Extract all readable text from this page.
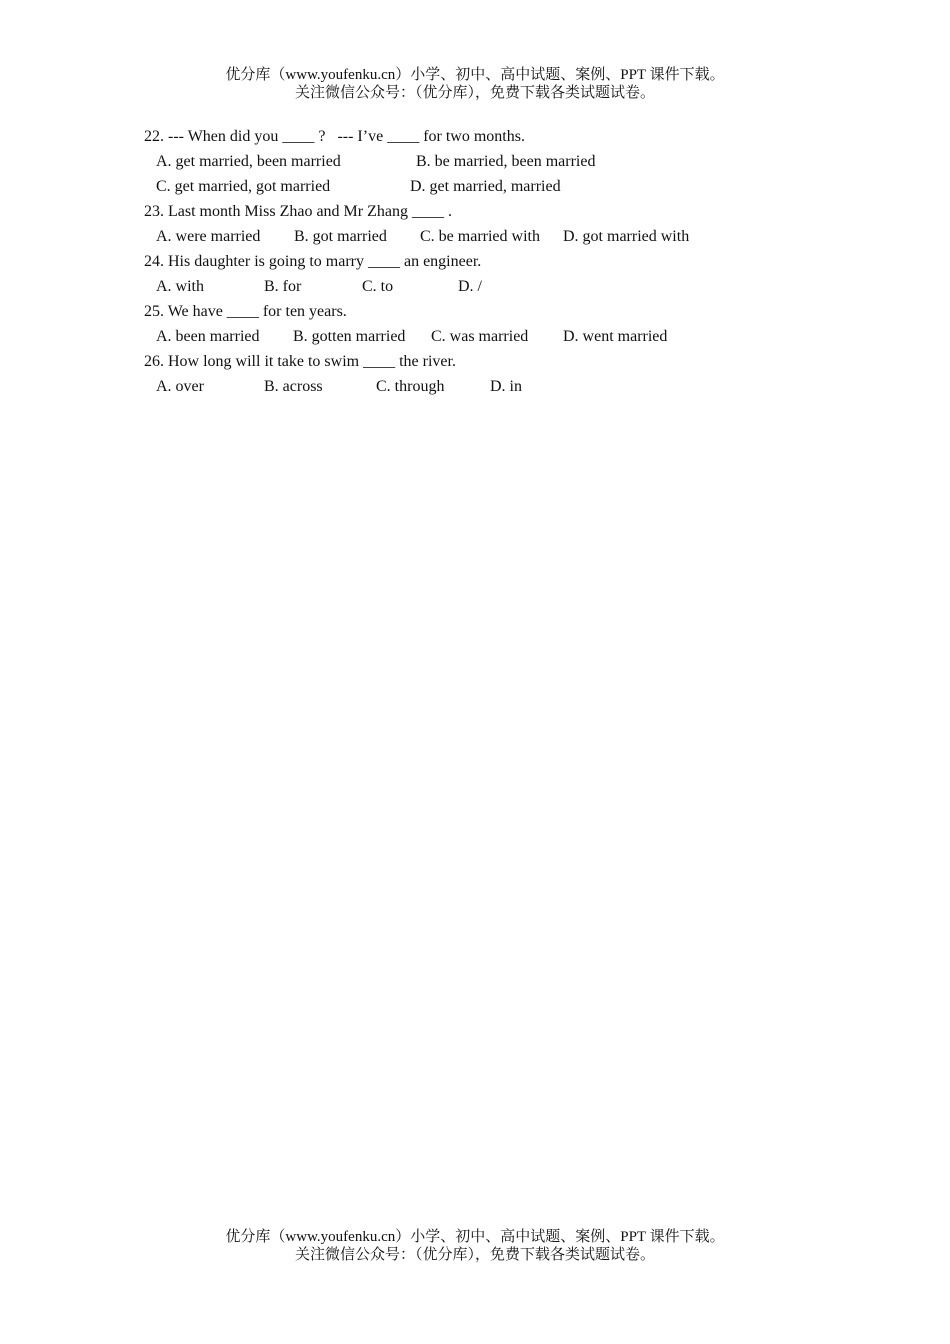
优分库（www.youfenku.cn）小学、初中、高中试题、案例、PPT 课件下载。
关注微信公众号：（优分库），免费下载各类试题试卷。

22. --- When did you ____ ?   --- I’ve ____ for two months.

A. get married, been married

	B. be married, been married

C. get married, got married

	D. get married, married

23. Last month Miss Zhao and Mr Zhang ____ .

A. were married

B. got married

C. be married with

D. got married with

24. His daughter is going to marry ____ an engineer.

A. with

	B. for

	C. to

	D. /

25. We have ____ for ten years.

A. been married

B. gotten married

C. was married

D. went married

26. How long will it take to swim ____ the river.

A. over

	B. across

	C. through

	D. in

优分库（www.youfenku.cn）小学、初中、高中试题、案例、PPT 课件下载。
关注微信公众号：（优分库），免费下载各类试题试卷。
